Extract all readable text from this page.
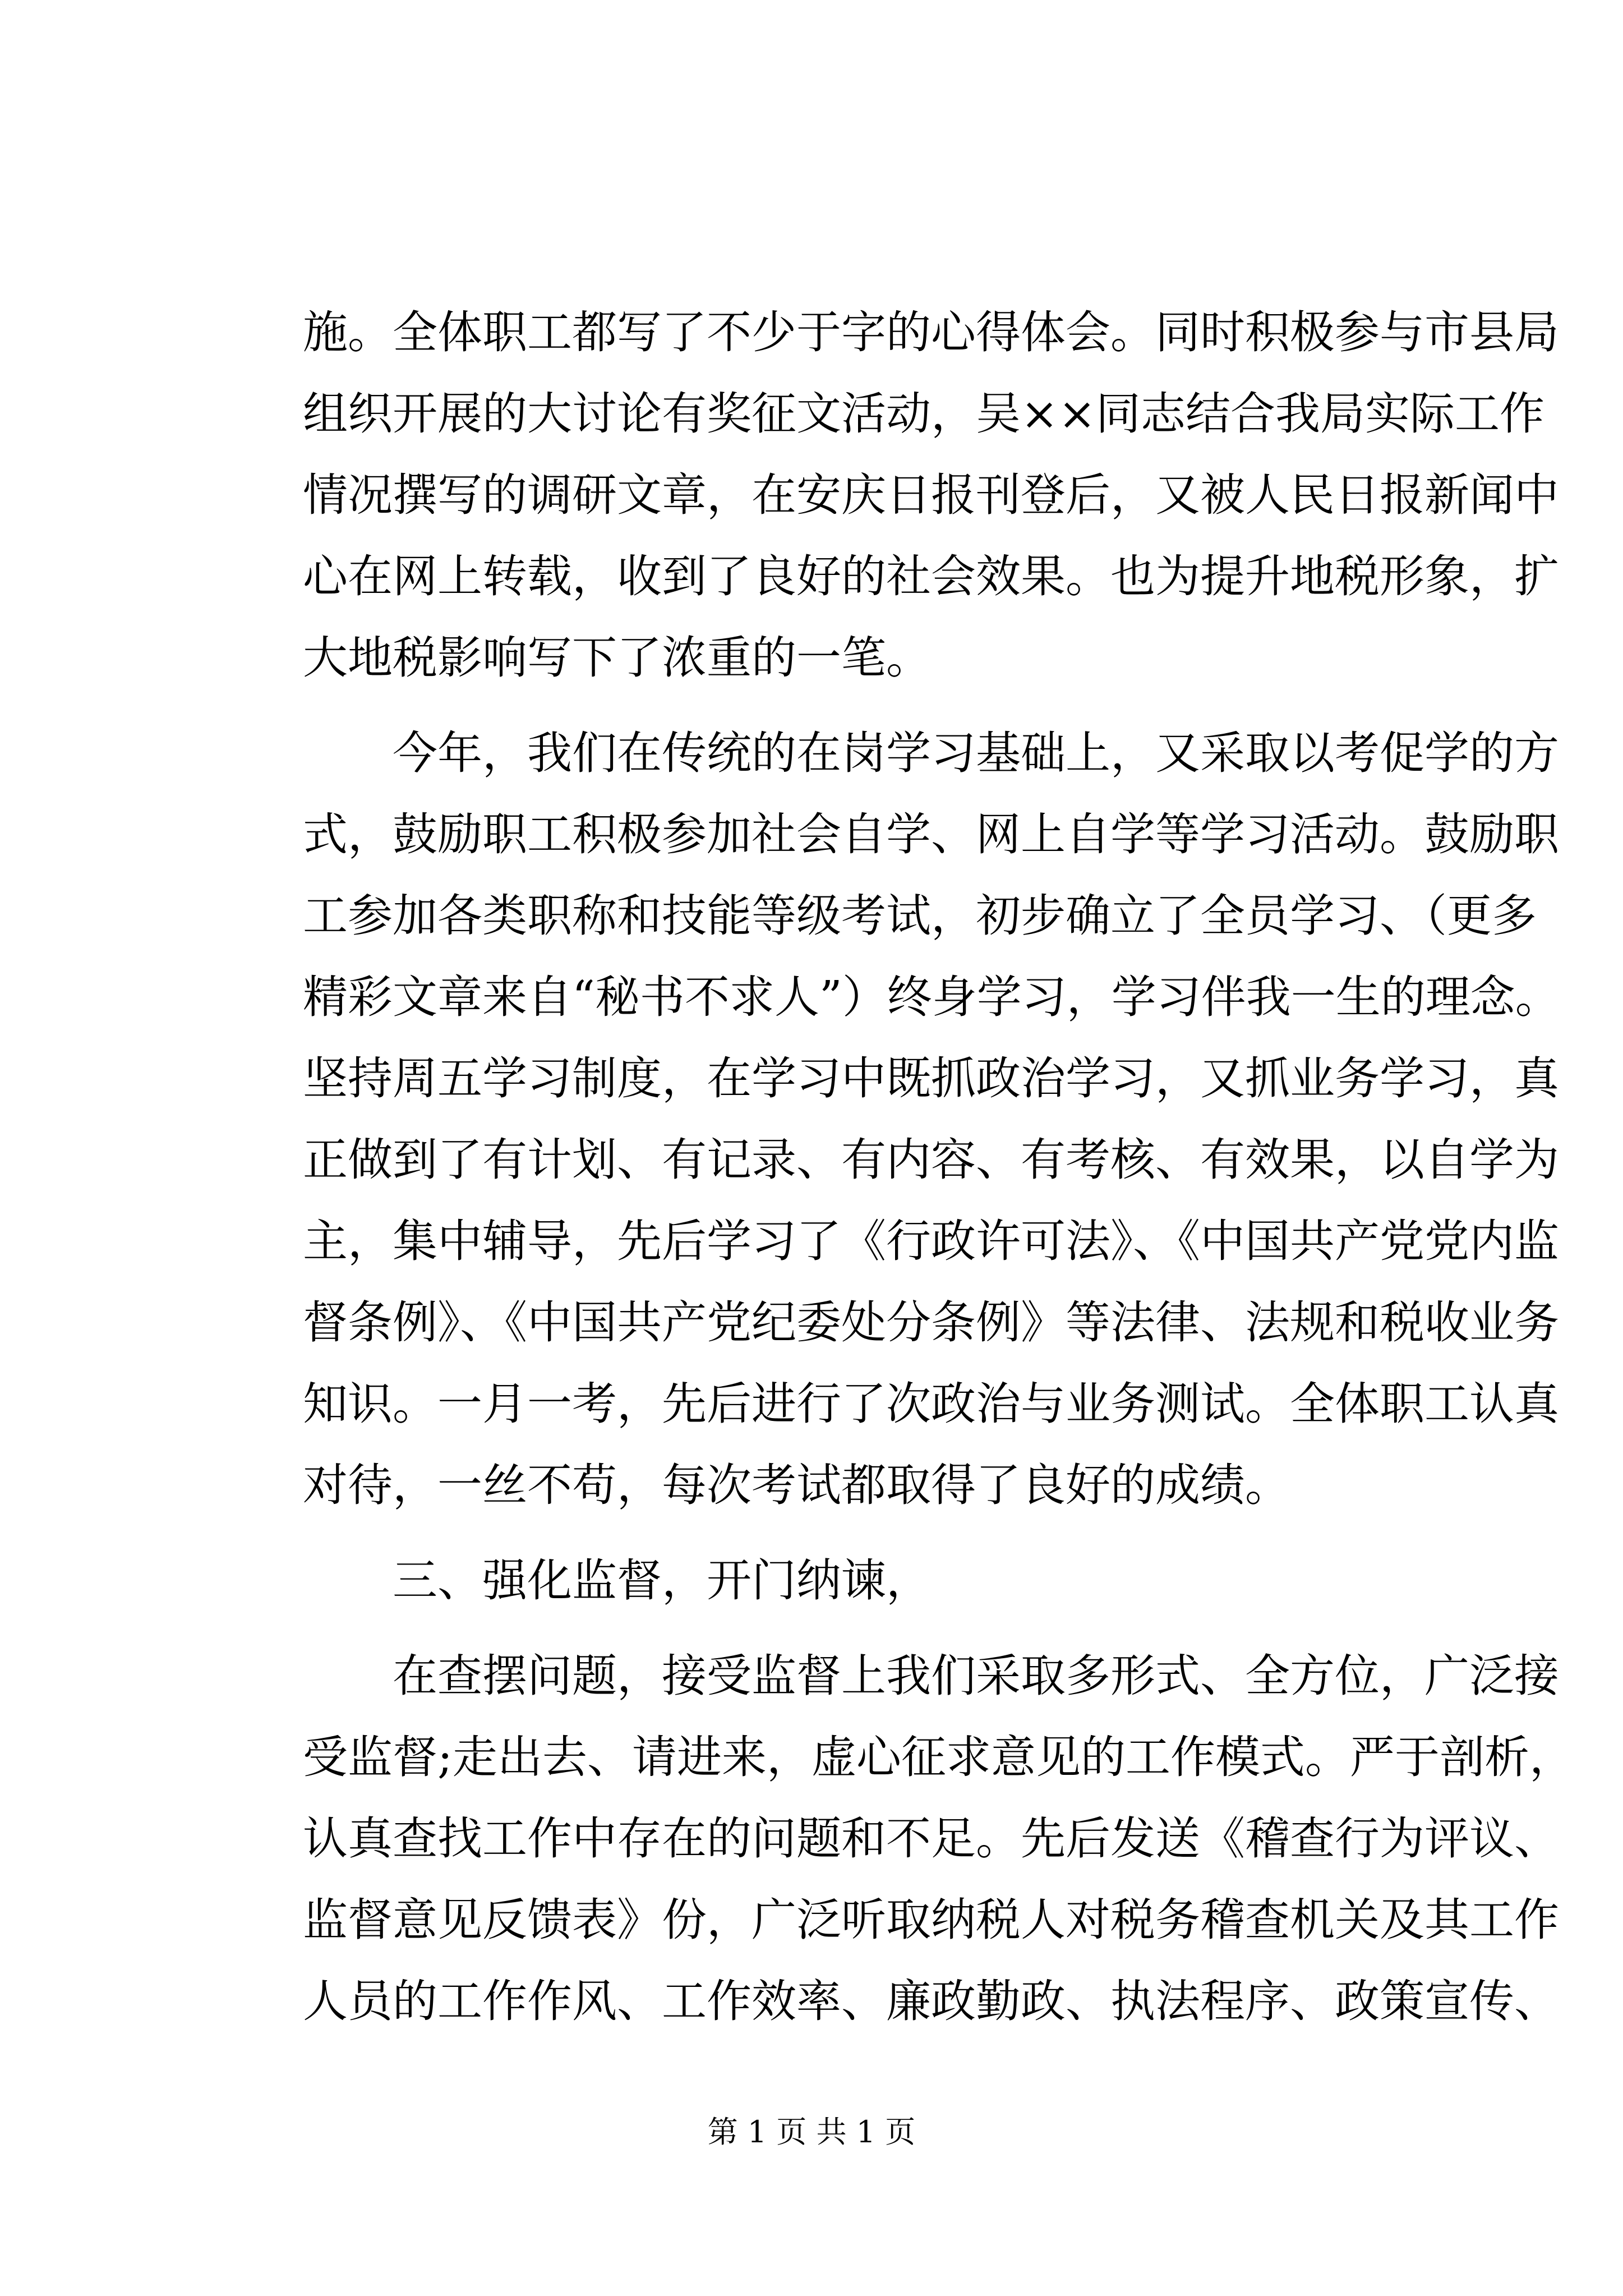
施。全体职工都写了不少于字的心得体会。同时积极参与市县局
组织开展的大讨论有奖征文活动，吴××同志结合我局实际工作
情况撰写的调研文章，在安庆日报刊登后，又被人民日报新闻中
心在网上转载，收到了良好的社会效果。也为提升地税形象，扩
大地税影响写下了浓重的一笔。
　　今年，我们在传统的在岗学习基础上，又采取以考促学的方
式，鼓励职工积极参加社会自学、网上自学等学习活动。鼓励职
工参加各类职称和技能等级考试，初步确立了全员学习、（更多
精彩文章来自“秘书不求人”）终身学习，学习伴我一生的理念。
坚持周五学习制度，在学习中既抓政治学习，又抓业务学习，真
正做到了有计划、有记录、有内容、有考核、有效果，以自学为
主，集中辅导，先后学习了《行政许可法》、《中国共产党党内监
督条例》、《中国共产党纪委处分条例》等法律、法规和税收业务
知识。一月一考，先后进行了次政治与业务测试。全体职工认真
对待，一丝不苟，每次考试都取得了良好的成绩。
　　三、强化监督，开门纳谏，
　　在查摆问题，接受监督上我们采取多形式、全方位，广泛接
受监督;走出去、请进来，虚心征求意见的工作模式。严于剖析，
认真查找工作中存在的问题和不足。先后发送《稽查行为评议、
监督意见反馈表》份，广泛听取纳税人对税务稽查机关及其工作
人员的工作作风、工作效率、廉政勤政、执法程序、政策宣传、
第 1 页 共 1 页
